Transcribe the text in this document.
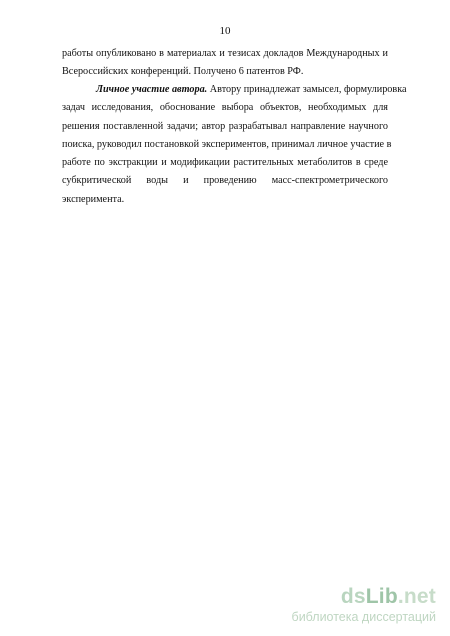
10
работы опубликовано в материалах и тезисах докладов Международных и
Всероссийских конференций. Получено 6 патентов РФ.
Личное участие автора. Автору принадлежат замысел, формулировка
задач исследования, обоснование выбора объектов, необходимых для
решения поставленной задачи; автор разрабатывал направление научного
поиска, руководил постановкой экспериментов, принимал личное участие в
работе по экстракции и модификации растительных метаболитов в среде
субкритической воды и проведению масс-спектрометрического
эксперимента.
dsLib.net
библиотека диссертаций
